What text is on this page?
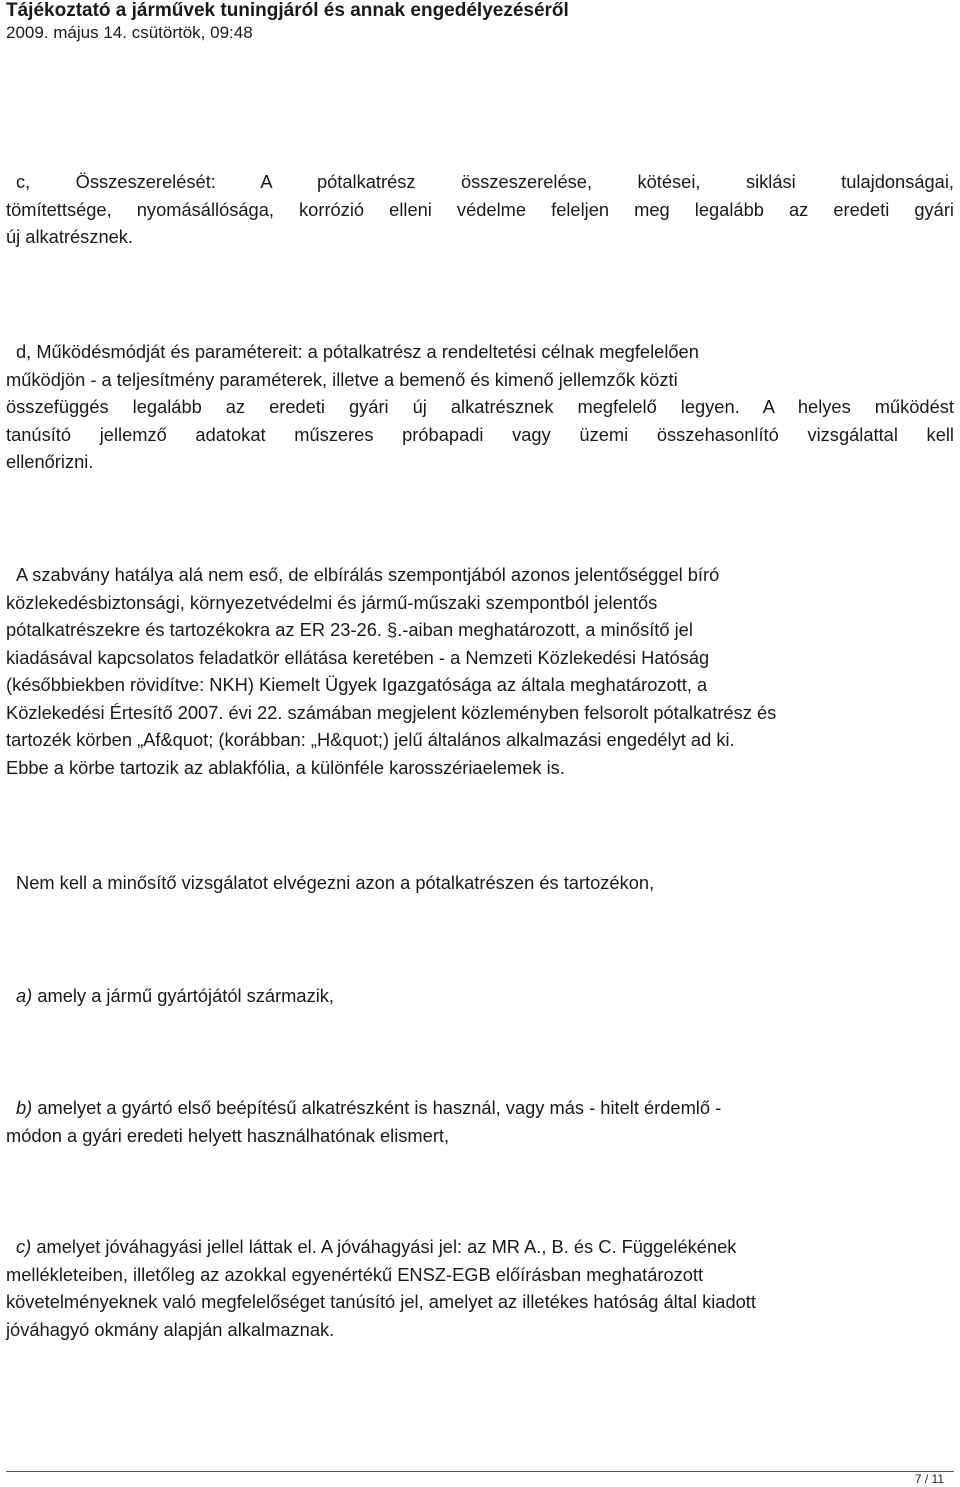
Tájékoztató a járművek tuningjáról és annak engedélyezéséről
2009. május 14. csütörtök, 09:48
c, Összeszerelését: A pótalkatrész összeszerelése, kötései, siklási tulajdonságai,
tömítettsége, nyomásállósága, korrózió elleni védelme feleljen meg legalább az eredeti gyári
új alkatrésznek.
d, Működésmódját és paramétereit: a pótalkatrész a rendeltetési célnak megfelelően
működjön - a teljesítmény paraméterek, illetve a bemenő és kimenő jellemzők közti
összefüggés legalább az eredeti gyári új alkatrésznek megfelelő legyen. A helyes működést
tanúsító jellemző adatokat műszeres próbapadi vagy üzemi összehasonlító vizsgálattal kell
ellenőrizni.
A szabvány hatálya alá nem eső, de elbírálás szempontjából azonos jelentőséggel bíró
közlekedésbiztonsági, környezetvédelmi és jármű-műszaki szempontból jelentős
pótalkatrészekre és tartozékokra az ER 23-26. §.-aiban meghatározott, a minősítő jel
kiadásával kapcsolatos feladatkör ellátása keretében - a Nemzeti Közlekedési Hatóság
(későbbiekben rövidítve: NKH) Kiemelt Ügyek Igazgatósága az általa meghatározott, a
Közlekedési Értesítő 2007. évi 22. számában megjelent közleményben felsorolt pótalkatrész és
tartozék körben „Af&quot; (korábban: „H&quot;) jelű általános alkalmazási engedélyt ad ki.
Ebbe a körbe tartozik az ablakfólia, a különféle karosszériaelemek is.
Nem kell a minősítő vizsgálatot elvégezni azon a pótalkatrészen és tartozékon,
a) amely a jármű gyártójától származik,
b) amelyet a gyártó első beépítésű alkatrészként is használ, vagy más - hitelt érdemlő -
módon a gyári eredeti helyett használhatónak elismert,
c) amelyet jóváhagyási jellel láttak el. A jóváhagyási jel: az MR A., B. és C. Függelékének
mellékleteiben, illetőleg az azokkal egyenértékű ENSZ-EGB előírásban meghatározott
követelményeknek való megfelelőséget tanúsító jel, amelyet az illetékes hatóság által kiadott
jóváhagyó okmány alapján alkalmaznak.
7 / 11
